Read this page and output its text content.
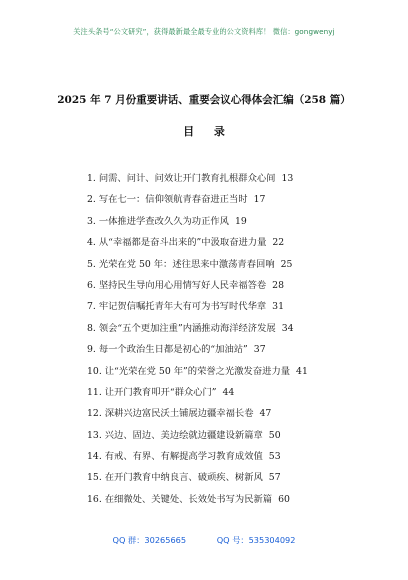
关注头条号“公文研究”，获得最新最全最专业的公文资料库！ 微信：gongwenyj
2025 年 7 月份重要讲话、重要会议心得体会汇编（258 篇）
目 录
1. 问需、问计、问效让开门教育扎根群众心间 13
2. 写在七一：信仰领航青春奋进正当时 17
3. 一体推进学查改久久为功正作风 19
4. 从“幸福都是奋斗出来的”中汲取奋进力量 22
5. 光荣在党 50 年：述往思来中激荡青春回响 25
6. 坚持民生导向用心用情写好人民幸福答卷 28
7. 牢记贺信嘱托青年大有可为书写时代华章 31
8. 领会“五个更加注重”内涵推动海洋经济发展 34
9. 每一个政治生日都是初心的“加油站” 37
10. 让“光荣在党 50 年”的荣誉之光激发奋进力量 41
11. 让开门教育叩开“群众心门” 44
12. 深耕兴边富民沃土铺展边疆幸福长卷 47
13. 兴边、固边、美边绘就边疆建设新篇章 50
14. 有戒、有界、有解提高学习教育成效值 53
15. 在开门教育中纳良言、破顽疾、树新风 57
16. 在细微处、关键处、长效处书写为民新篇 60
QQ 群：30265665	QQ 号：535304092
